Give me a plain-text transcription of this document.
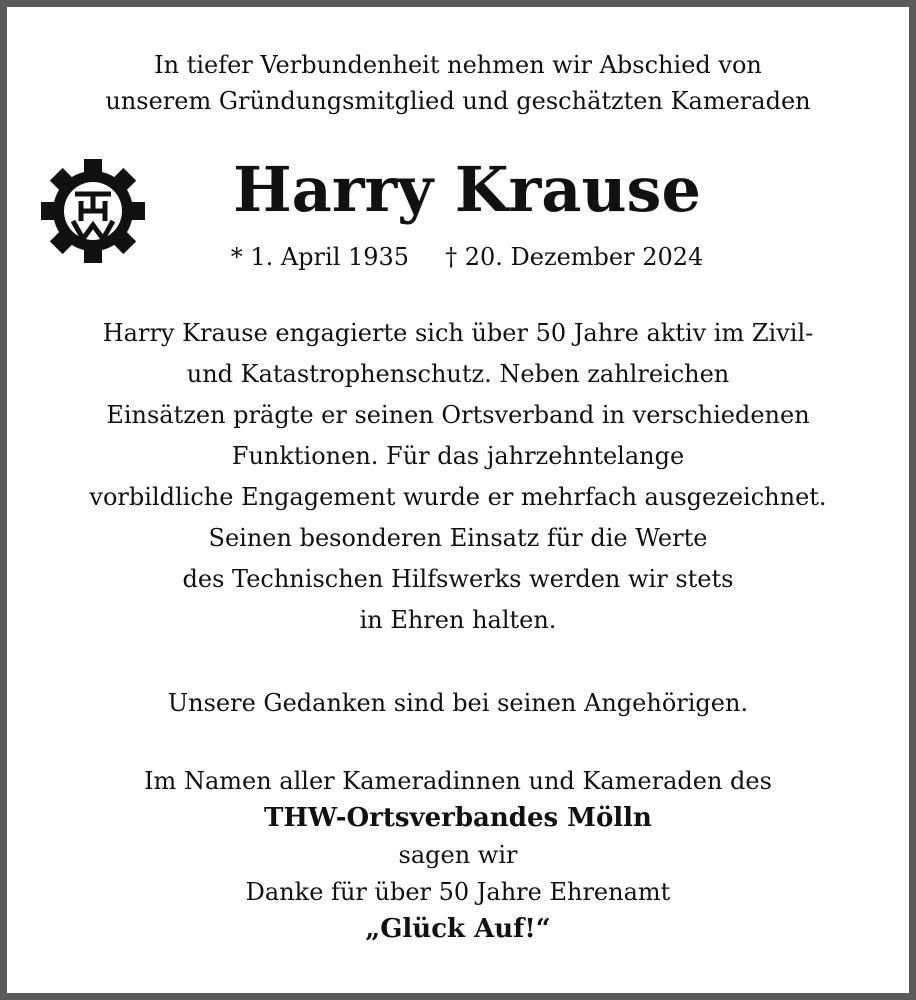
In tiefer Verbundenheit nehmen wir Abschied von
unserem Gründungsmitglied und geschätzten Kameraden
Harry Krause
* 1. April 1935 † 20. Dezember 2024
Harry Krause engagierte sich über 50 Jahre aktiv im Zivil-
und Katastrophenschutz. Neben zahlreichen
Einsätzen prägte er seinen Ortsverband in verschiedenen
Funktionen. Für das jahrzehntelange
vorbildliche Engagement wurde er mehrfach ausgezeichnet.
Seinen besonderen Einsatz für die Werte
des Technischen Hilfswerks werden wir stets
in Ehren halten.
Unsere Gedanken sind bei seinen Angehörigen.
Im Namen aller Kameradinnen und Kameraden des
THW-Ortsverbandes Mölln
sagen wir
Danke für über 50 Jahre Ehrenamt
„Glück Auf!“
